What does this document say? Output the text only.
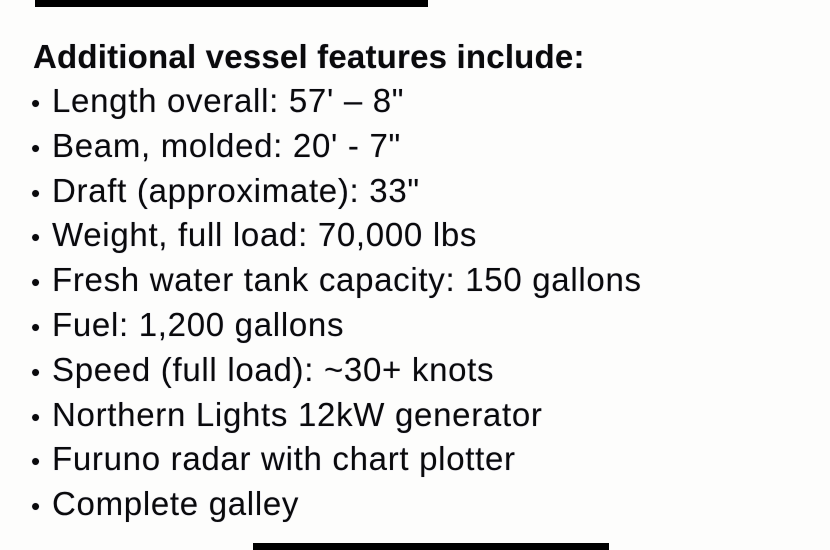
Additional vessel features include:
• Length overall: 57' – 8"
• Beam, molded: 20' - 7"
• Draft (approximate): 33"
• Weight, full load: 70,000 lbs
• Fresh water tank capacity: 150 gallons
• Fuel: 1,200 gallons
• Speed (full load): ~30+ knots
• Northern Lights 12kW generator
• Furuno radar with chart plotter
• Complete galley
